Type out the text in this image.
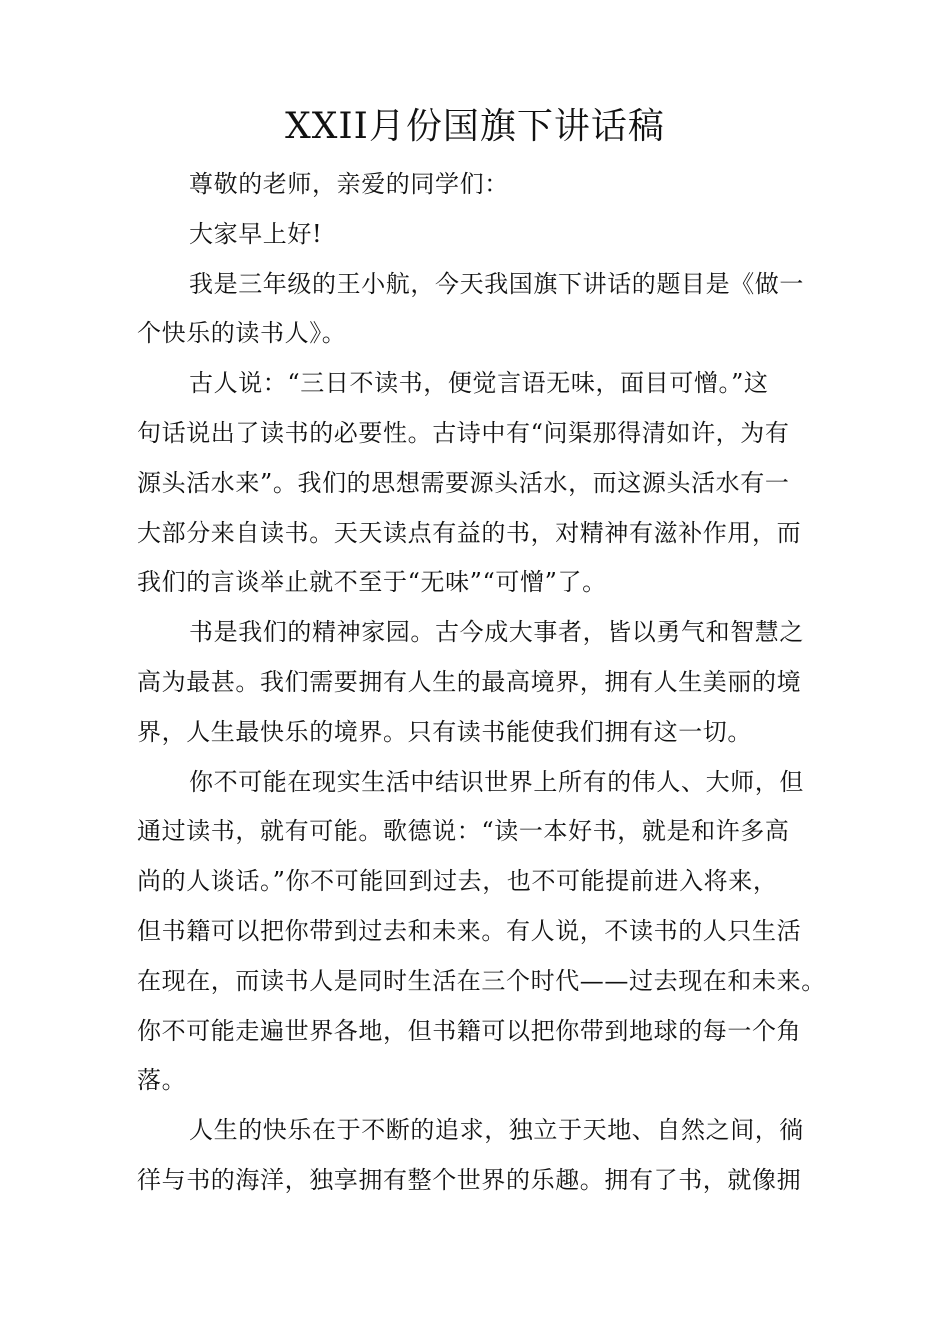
XXII月份国旗下讲话稿
尊敬的老师，亲爱的同学们：
大家早上好!
我是三年级的王小航，今天我国旗下讲话的题目是《做一
个快乐的读书人》。
古人说：“三日不读书，便觉言语无味，面目可憎。”这
句话说出了读书的必要性。古诗中有“问渠那得清如许，为有
源头活水来”。我们的思想需要源头活水，而这源头活水有一
大部分来自读书。天天读点有益的书，对精神有滋补作用，而
我们的言谈举止就不至于“无味”“可憎”了。
书是我们的精神家园。古今成大事者，皆以勇气和智慧之
高为最甚。我们需要拥有人生的最高境界，拥有人生美丽的境
界，人生最快乐的境界。只有读书能使我们拥有这一切。
你不可能在现实生活中结识世界上所有的伟人、大师，但
通过读书，就有可能。歌德说：“读一本好书，就是和许多高
尚的人谈话。”你不可能回到过去，也不可能提前进入将来，
但书籍可以把你带到过去和未来。有人说，不读书的人只生活
在现在，而读书人是同时生活在三个时代——过去现在和未来。
你不可能走遍世界各地，但书籍可以把你带到地球的每一个角
落。
人生的快乐在于不断的追求，独立于天地、自然之间，徜
徉与书的海洋，独享拥有整个世界的乐趣。拥有了书，就像拥
